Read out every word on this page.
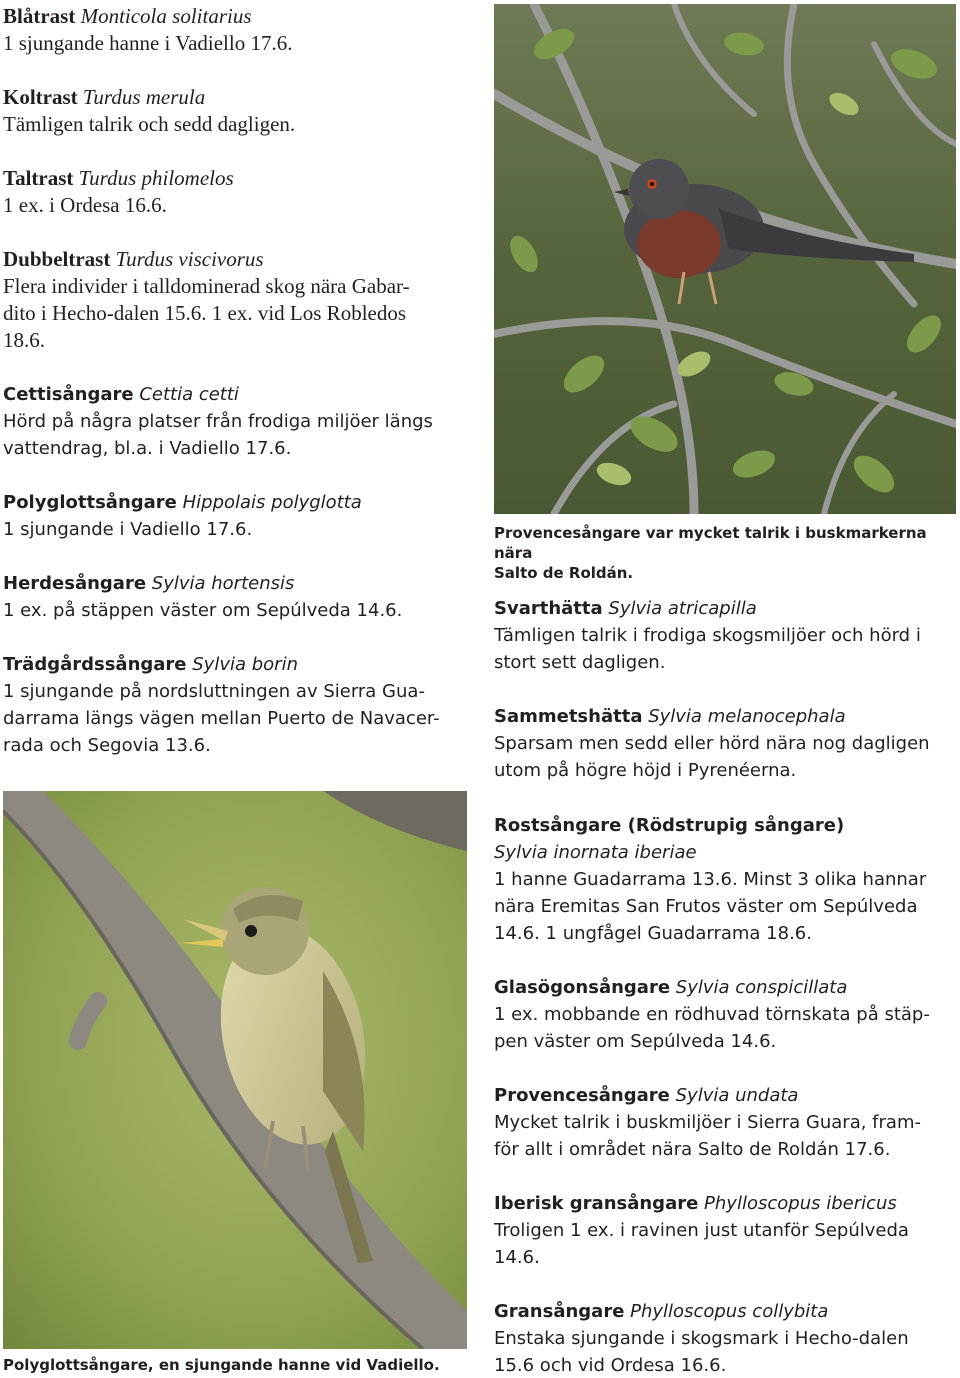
Blåtrast Monticola solitarius

1 sjungande hanne i Vadiello 17.6.

Koltrast Turdus merula

Tämligen talrik och sedd dagligen.

Taltrast Turdus philomelos

1 ex. i Ordesa 16.6.

Dubbeltrast Turdus viscivorus

Flera individer i talldominerad skog nära Gabar-

dito i Hecho-dalen 15.6. 1 ex. vid Los Robledos

18.6.

Cettisångare Cettia cetti

Hörd på några platser från frodiga miljöer längs

vattendrag, bl.a. i Vadiello 17.6.

Polyglottsångare Hippolais polyglotta

1 sjungande i Vadiello 17.6.

Herdesångare Sylvia hortensis

1 ex. på stäppen väster om Sepúlveda 14.6.

Trädgårdssångare Sylvia borin

1 sjungande på nordsluttningen av Sierra Gua-

darrama längs vägen mellan Puerto de Navacer-

rada och Segovia 13.6.

Provencesångare var mycket talrik i buskmarkerna nära

Salto de Roldán.

Svarthätta Sylvia atricapilla

Tämligen talrik i frodiga skogsmiljöer och hörd i

stort sett dagligen.

Sammetshätta Sylvia melanocephala

Sparsam men sedd eller hörd nära nog dagligen

utom på högre höjd i Pyrenéerna.

Rostsångare (Rödstrupig sångare)

Sylvia inornata iberiae

1 hanne Guadarrama 13.6. Minst 3 olika hannar

nära Eremitas San Frutos väster om Sepúlveda

14.6. 1 ungfågel Guadarrama 18.6.

Glasögonsångare Sylvia conspicillata

1 ex. mobbande en rödhuvad törnskata på stäp-

pen väster om Sepúlveda 14.6.

Provencesångare Sylvia undata

Mycket talrik i buskmiljöer i Sierra Guara, fram-

för allt i området nära Salto de Roldán 17.6.

Iberisk gransångare Phylloscopus ibericus

Troligen 1 ex. i ravinen just utanför Sepúlveda

14.6.

Gransångare Phylloscopus collybita

Enstaka sjungande i skogsmark i Hecho-dalen

15.6 och vid Ordesa 16.6.

Polyglottsångare, en sjungande hanne vid Vadiello.
